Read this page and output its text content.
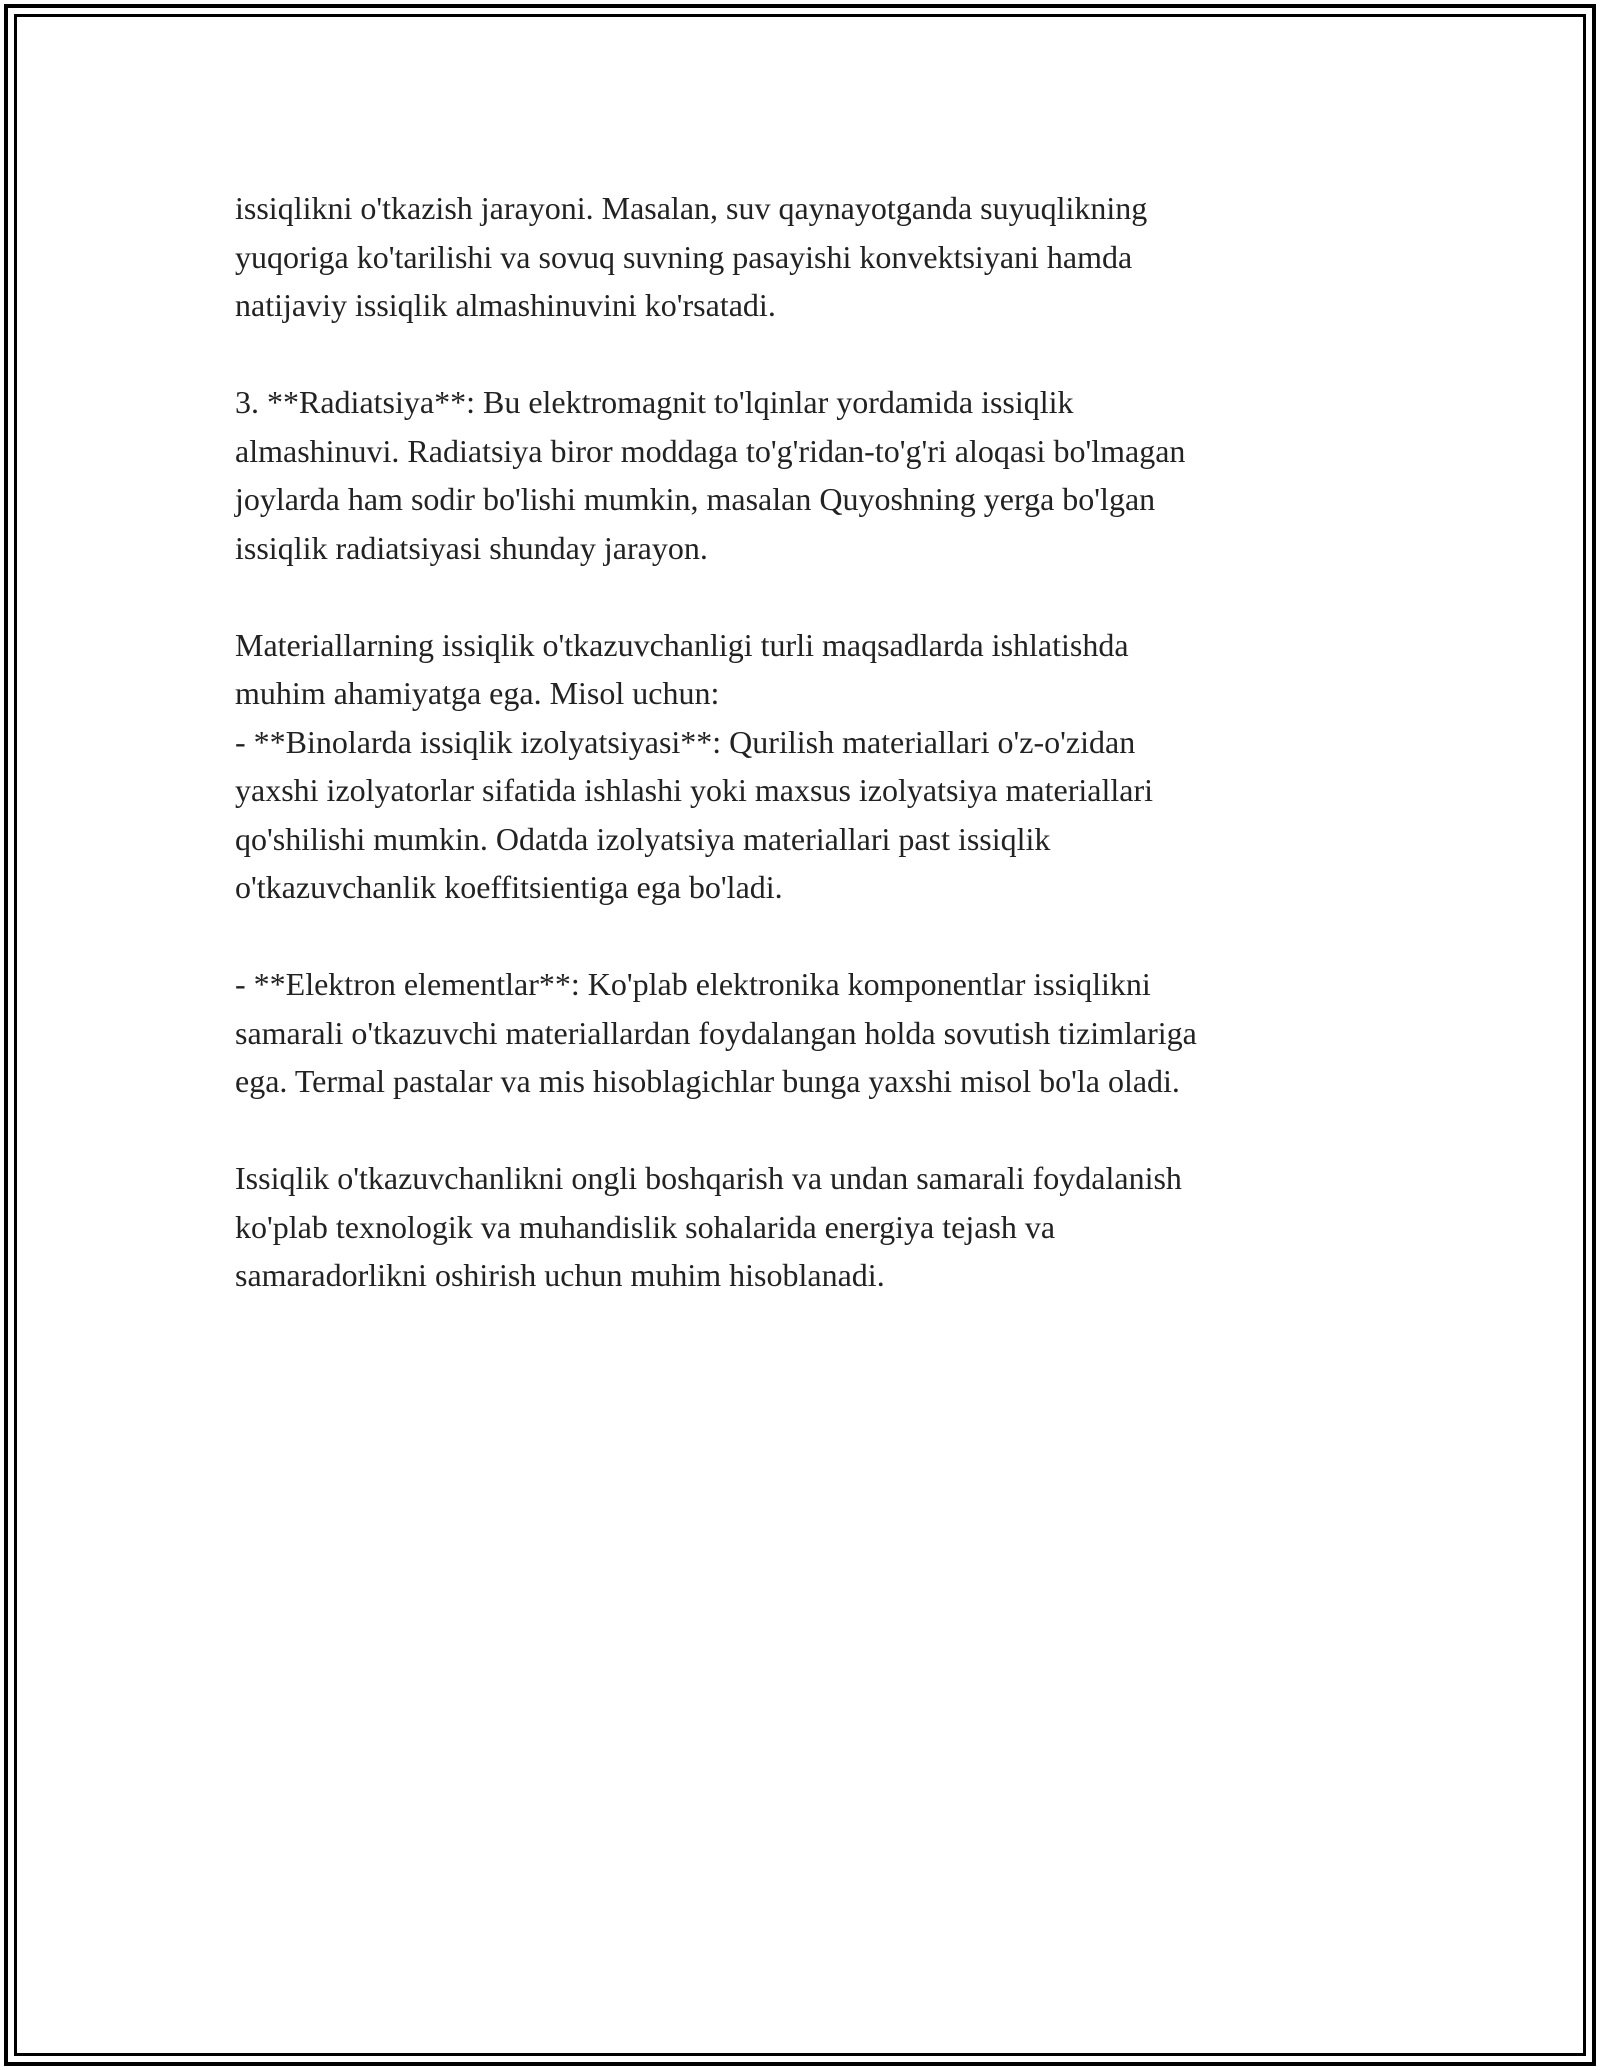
issiqlikni o'tkazish jarayoni. Masalan, suv qaynayotganda suyuqlikning
yuqoriga ko'tarilishi va sovuq suvning pasayishi konvektsiyani hamda
natijaviy issiqlik almashinuvini ko'rsatadi.
3. **Radiatsiya**: Bu elektromagnit to'lqinlar yordamida issiqlik
almashinuvi. Radiatsiya biror moddaga to'g'ridan-to'g'ri aloqasi bo'lmagan
joylarda ham sodir bo'lishi mumkin, masalan Quyoshning yerga bo'lgan
issiqlik radiatsiyasi shunday jarayon.
Materiallarning issiqlik o'tkazuvchanligi turli maqsadlarda ishlatishda
muhim ahamiyatga ega. Misol uchun:
- **Binolarda issiqlik izolyatsiyasi**: Qurilish materiallari o'z-o'zidan
yaxshi izolyatorlar sifatida ishlashi yoki maxsus izolyatsiya materiallari
qo'shilishi mumkin. Odatda izolyatsiya materiallari past issiqlik
o'tkazuvchanlik koeffitsientiga ega bo'ladi.
- **Elektron elementlar**: Ko'plab elektronika komponentlar issiqlikni
samarali o'tkazuvchi materiallardan foydalangan holda sovutish tizimlariga
ega. Termal pastalar va mis hisoblagichlar bunga yaxshi misol bo'la oladi.
Issiqlik o'tkazuvchanlikni ongli boshqarish va undan samarali foydalanish
ko'plab texnologik va muhandislik sohalarida energiya tejash va
samaradorlikni oshirish uchun muhim hisoblanadi.
